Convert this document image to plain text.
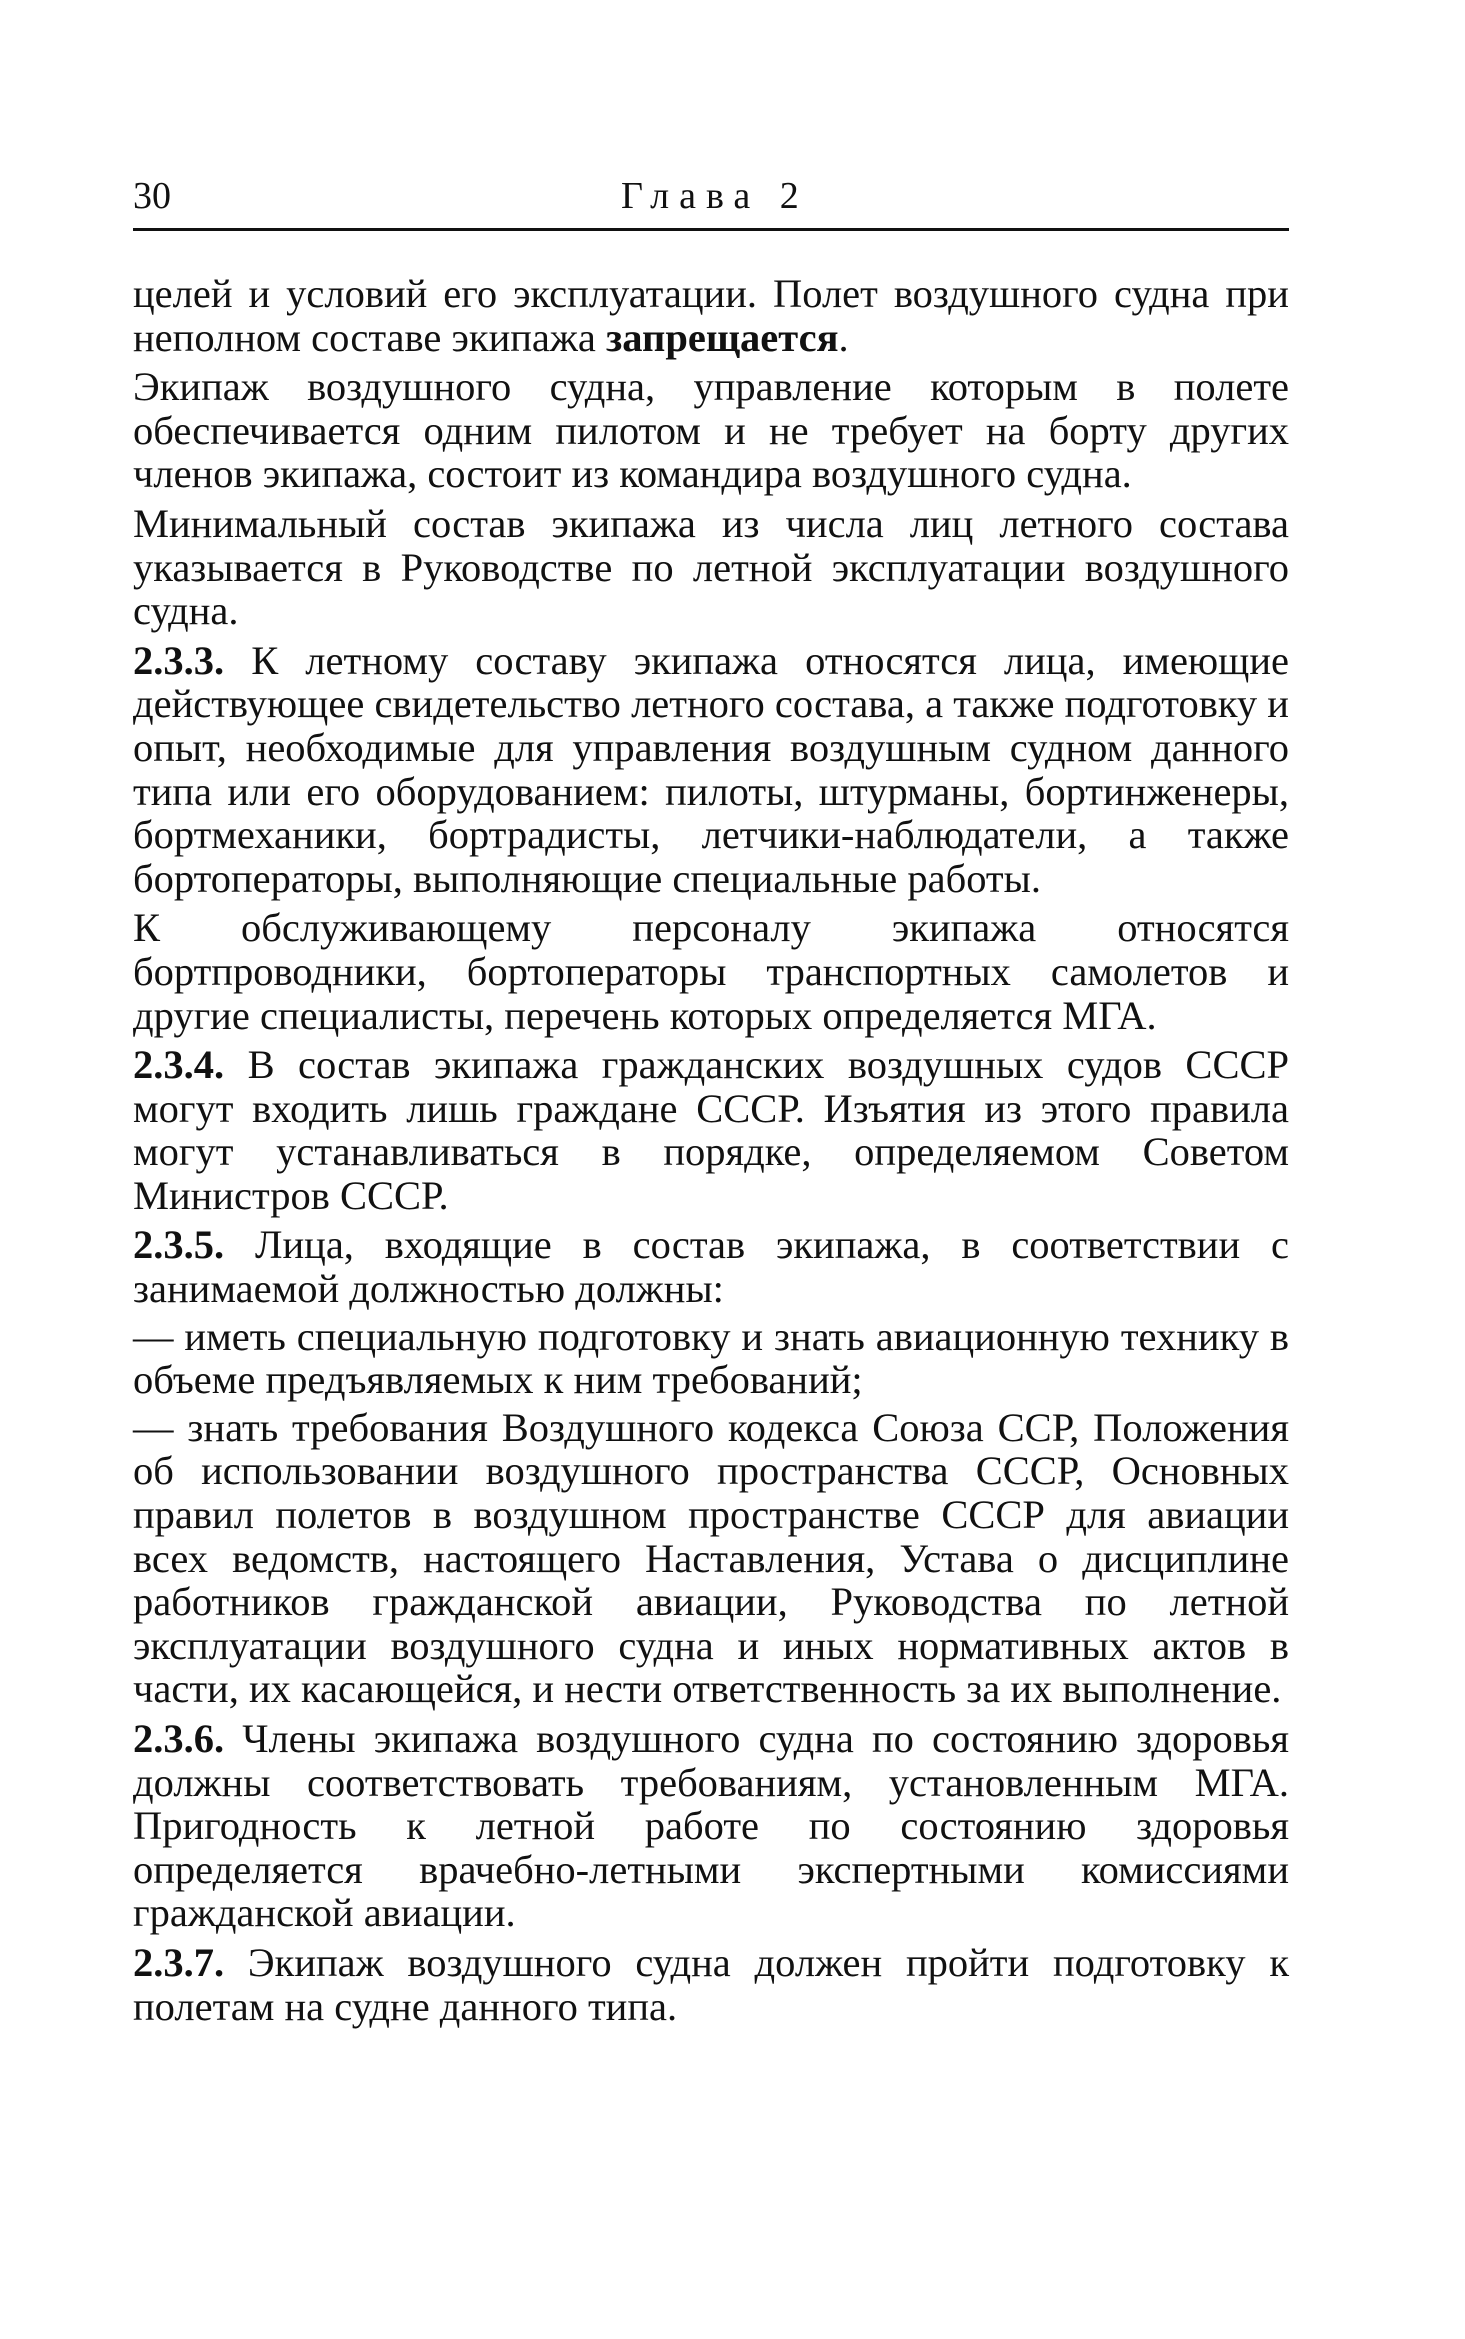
30	Глава 2

целей и условий его эксплуатации. Полет воздушного судна при неполном составе экипажа запрещается.

Экипаж воздушного судна, управление которым в полете обеспечивается одним пилотом и не требует на борту других членов экипажа, состоит из командира воздушного судна.

Минимальный состав экипажа из числа лиц летного состава указывается в Руководстве по летной эксплуатации воздушного судна.

2.3.3. К летному составу экипажа относятся лица, имеющие действующее свидетельство летного состава, а также подготовку и опыт, необходимые для управления воздушным судном данного типа или его оборудованием: пилоты, штурманы, бортинженеры, бортмеханики, бортрадисты, летчики-наблюдатели, а также бортоператоры, выполняющие специальные работы.

К обслуживающему персоналу экипажа относятся бортпроводники, бортоператоры транспортных самолетов и другие специалисты, перечень которых определяется МГА.

2.3.4. В состав экипажа гражданских воздушных судов СССР могут входить лишь граждане СССР. Изъятия из этого правила могут устанавливаться в порядке, определяемом Советом Министров СССР.

2.3.5. Лица, входящие в состав экипажа, в соответствии с занимаемой должностью должны:

— иметь специальную подготовку и знать авиационную технику в объеме предъявляемых к ним требований;

— знать требования Воздушного кодекса Союза ССР, Положения об использовании воздушного пространства СССР, Основных правил полетов в воздушном пространстве СССР для авиации всех ведомств, настоящего Наставления, Устава о дисциплине работников гражданской авиации, Руководства по летной эксплуатации воздушного судна и иных нормативных актов в части, их касающейся, и нести ответственность за их выполнение.

2.3.6. Члены экипажа воздушного судна по состоянию здоровья должны соответствовать требованиям, установленным МГА. Пригодность к летной работе по состоянию здоровья определяется врачебно-летными экспертными комиссиями гражданской авиации.

2.3.7. Экипаж воздушного судна должен пройти подготовку к полетам на судне данного типа.
